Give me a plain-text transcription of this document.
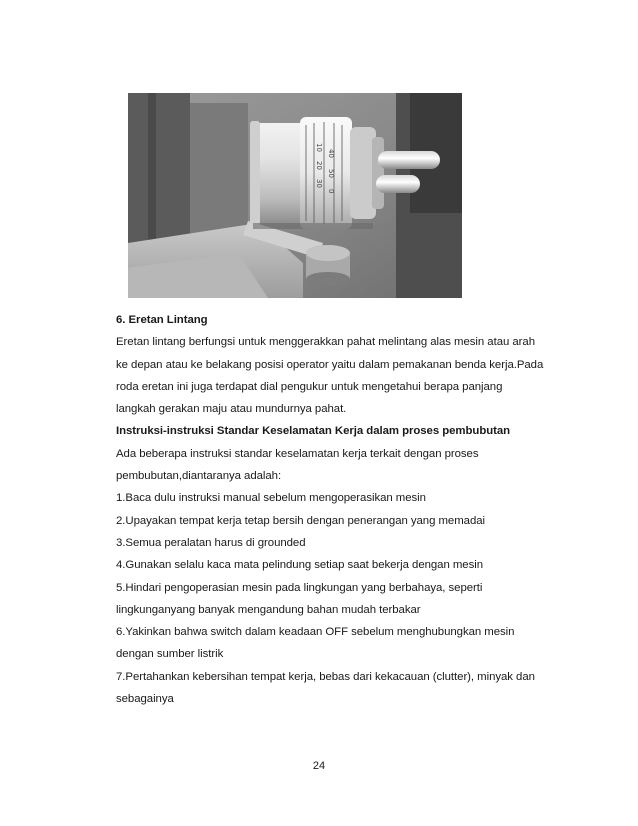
10
20
30
40
50
0
6. Eretan Lintang
Eretan lintang berfungsi untuk menggerakkan pahat melintang alas mesin atau arah
ke depan atau ke belakang posisi operator yaitu dalam pemakanan benda kerja.Pada
roda eretan ini juga terdapat dial pengukur untuk mengetahui berapa panjang
langkah gerakan maju atau mundurnya pahat.
Instruksi-instruksi Standar Keselamatan Kerja dalam proses pembubutan
Ada beberapa instruksi standar keselamatan kerja terkait dengan proses
pembubutan,diantaranya adalah:
1.Baca dulu instruksi manual sebelum mengoperasikan mesin
2.Upayakan tempat kerja tetap bersih dengan penerangan yang memadai
3.Semua peralatan harus di grounded
4.Gunakan selalu kaca mata pelindung setiap saat bekerja dengan mesin
5.Hindari pengoperasian mesin pada lingkungan yang berbahaya, seperti
lingkunganyang banyak mengandung bahan mudah terbakar
6.Yakinkan bahwa switch dalam keadaan OFF sebelum menghubungkan mesin
dengan sumber listrik
7.Pertahankan kebersihan tempat kerja, bebas dari kekacauan (clutter), minyak dan
sebagainya
24
